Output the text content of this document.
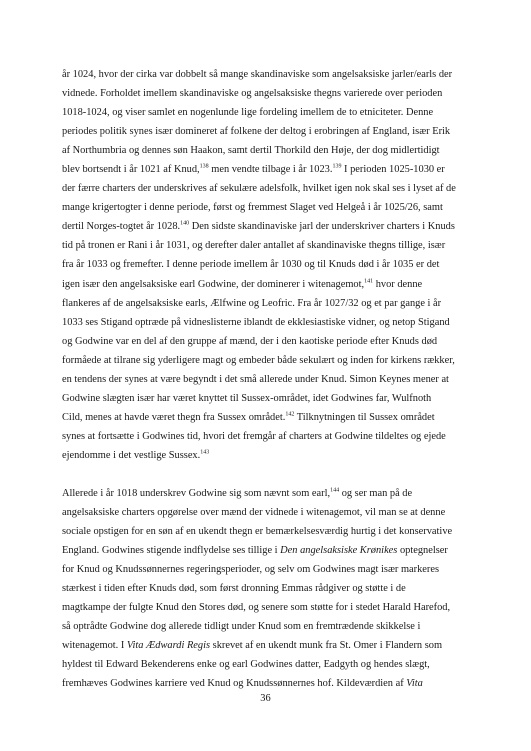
år 1024, hvor der cirka var dobbelt så mange skandinaviske som angelsaksiske jarler/earls der
vidnede. Forholdet imellem skandinaviske og angelsaksiske thegns varierede over perioden
1018-1024, og viser samlet en nogenlunde lige fordeling imellem de to etniciteter. Denne
periodes politik synes især domineret af folkene der deltog i erobringen af England, især Erik
af Northumbria og dennes søn Haakon, samt dertil Thorkild den Høje, der dog midlertidigt
blev bortsendt i år 1021 af Knud,$^{138}$ men vendte tilbage i år 1023.$^{139}$ I perioden 1025-1030 er
der færre charters der underskrives af sekulære adelsfolk, hvilket igen nok skal ses i lyset af de
mange krigertogter i denne periode, først og fremmest Slaget ved Helgeå i år 1025/26, samt
dertil Norges-togtet år 1028.$^{140}$ Den sidste skandinaviske jarl der underskriver charters i Knuds
tid på tronen er Rani i år 1031, og derefter daler antallet af skandinaviske thegns tillige, især
fra år 1033 og fremefter. I denne periode imellem år 1030 og til Knuds død i år 1035 er det
igen især den angelsaksiske earl Godwine, der dominerer i witenagemot,$^{141}$ hvor denne
flankeres af de angelsaksiske earls, Ælfwine og Leofric. Fra år 1027/32 og et par gange i år
1033 ses Stigand optræde på vidneslisterne iblandt de ekklesiastiske vidner, og netop Stigand
og Godwine var en del af den gruppe af mænd, der i den kaotiske periode efter Knuds død
formåede at tilrane sig yderligere magt og embeder både sekulært og inden for kirkens rækker,
en tendens der synes at være begyndt i det små allerede under Knud. Simon Keynes mener at
Godwine slægten især har været knyttet til Sussex-området, idet Godwines far, Wulfnoth
Cild, menes at havde været thegn fra Sussex området.$^{142}$ Tilknytningen til Sussex området
synes at fortsætte i Godwines tid, hvori det fremgår af charters at Godwine tildeltes og ejede
ejendomme i det vestlige Sussex.$^{143}$
Allerede i år 1018 underskrev Godwine sig som nævnt som earl,$^{144}$ og ser man på de
angelsaksiske charters opgørelse over mænd der vidnede i witenagemot, vil man se at denne
sociale opstigen for en søn af en ukendt thegn er bemærkelsesværdig hurtig i det konservative
England. Godwines stigende indflydelse ses tillige i Den angelsaksiske Krønikes optegnelser
for Knud og Knudssønnernes regeringsperioder, og selv om Godwines magt især markeres
stærkest i tiden efter Knuds død, som først dronning Emmas rådgiver og støtte i de
magtkampe der fulgte Knud den Stores død, og senere som støtte for i stedet Harald Harefod,
så optrådte Godwine dog allerede tidligt under Knud som en fremtrædende skikkelse i
witenagemot. I Vita Ædwardi Regis skrevet af en ukendt munk fra St. Omer i Flandern som
hyldest til Edward Bekenderens enke og earl Godwines datter, Eadgyth og hendes slægt,
fremhæves Godwines karriere ved Knud og Knudssønnernes hof. Kildeværdien af Vita
36
